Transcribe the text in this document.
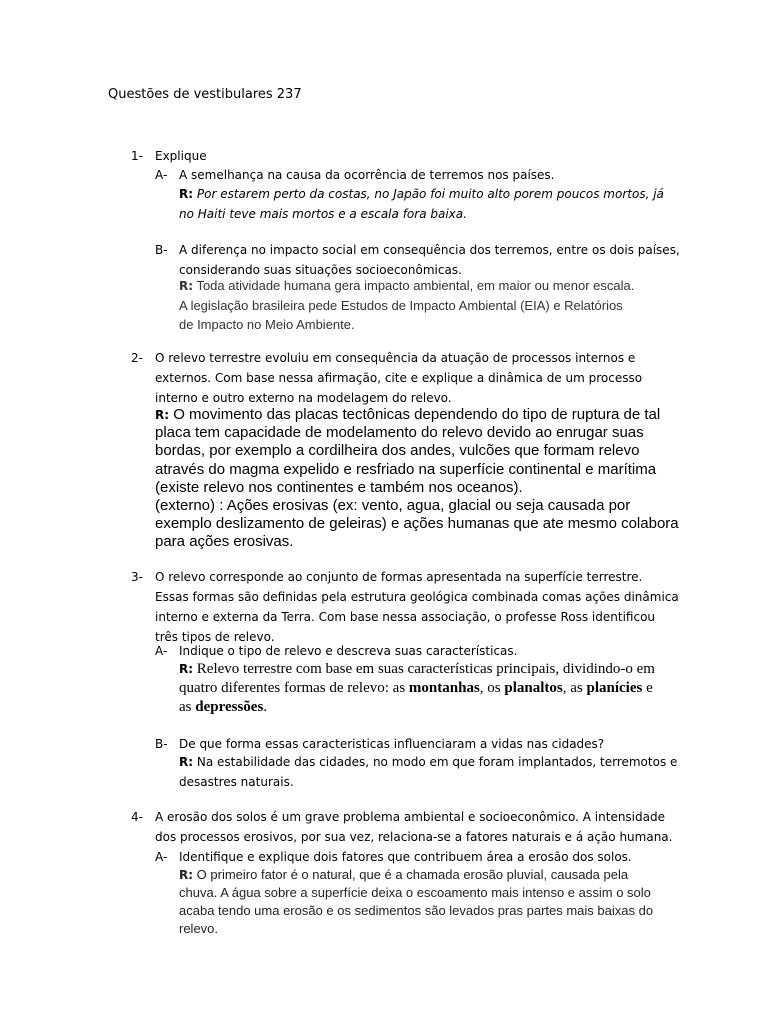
Questões de vestibulares 237
1- Explique
A- A semelhança na causa da ocorrência de terremos nos países.
R: Por estarem perto da costas, no Japão foi muito alto porem poucos mortos, já
no Haiti teve mais mortos e a escala fora baixa.
B- A diferença no impacto social em consequência dos terremos, entre os dois países,
considerando suas situações socioeconômicas.
R: Toda atividade humana gera impacto ambiental, em maior ou menor escala.
A legislação brasileira pede Estudos de Impacto Ambiental (EIA) e Relatórios
de Impacto no Meio Ambiente.
2- O relevo terrestre evoluiu em consequência da atuação de processos internos e
externos. Com base nessa afirmação, cite e explique a dinâmica de um processo
interno e outro externo na modelagem do relevo.
R: O movimento das placas tectônicas dependendo do tipo de ruptura de tal
placa tem capacidade de modelamento do relevo devido ao enrugar suas
bordas, por exemplo a cordilheira dos andes, vulcões que formam relevo
através do magma expelido e resfriado na superfície continental e marítima
(existe relevo nos continentes e também nos oceanos).
(externo) : Ações erosivas (ex: vento, agua, glacial ou seja causada por
exemplo deslizamento de geleiras) e ações humanas que ate mesmo colabora
para ações erosivas.
3- O relevo corresponde ao conjunto de formas apresentada na superfície terrestre.
Essas formas são definidas pela estrutura geológica combinada comas ações dinâmica
interno e externa da Terra. Com base nessa associação, o professe Ross identificou
três tipos de relevo.
A- Indique o tipo de relevo e descreva suas características.
R: Relevo terrestre com base em suas características principais, dividindo-o em
quatro diferentes formas de relevo: as montanhas, os planaltos, as planícies e
as depressões.
B- De que forma essas caracteristicas influenciaram a vidas nas cidades?
R: Na estabilidade das cidades, no modo em que foram implantados, terremotos e
desastres naturais.
4- A erosão dos solos é um grave problema ambiental e socioeconômico. A intensidade
dos processos erosivos, por sua vez, relaciona-se a fatores naturais e á ação humana.
A- Identifique e explique dois fatores que contribuem área a erosão dos solos.
R: O primeiro fator é o natural, que é a chamada erosão pluvial, causada pela
chuva. A água sobre a superfície deixa o escoamento mais intenso e assim o solo
acaba tendo uma erosão e os sedimentos são levados pras partes mais baixas do
relevo.
